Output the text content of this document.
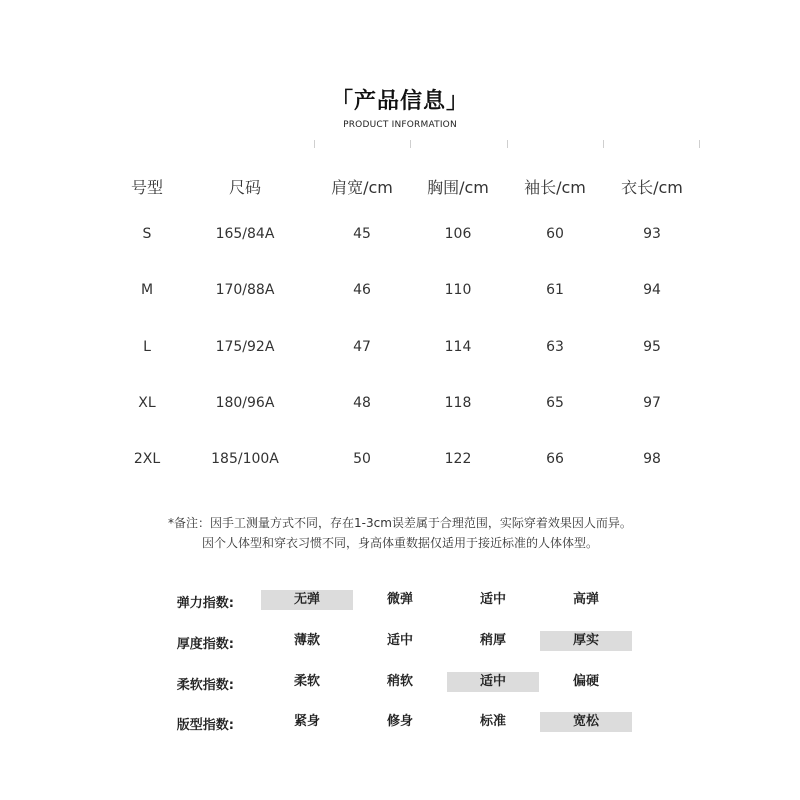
「产品信息」
PRODUCT INFORMATION
号型	尺码	肩宽/cm	胸围/cm	袖长/cm	衣长/cm
S	165/84A	45	106	60	93
M	170/88A	46	110	61	94
L	175/92A	47	114	63	95
XL	180/96A	48	118	65	97
2XL	185/100A	50	122	66	98
*备注：因手工测量方式不同，存在1-3cm误差属于合理范围，实际穿着效果因人而异。
因个人体型和穿衣习惯不同，身高体重数据仅适用于接近标准的人体体型。
弹力指数:	无弹	微弹	适中	高弹
厚度指数:	薄款	适中	稍厚	厚实
柔软指数:	柔软	稍软	适中	偏硬
版型指数:	紧身	修身	标准	宽松
